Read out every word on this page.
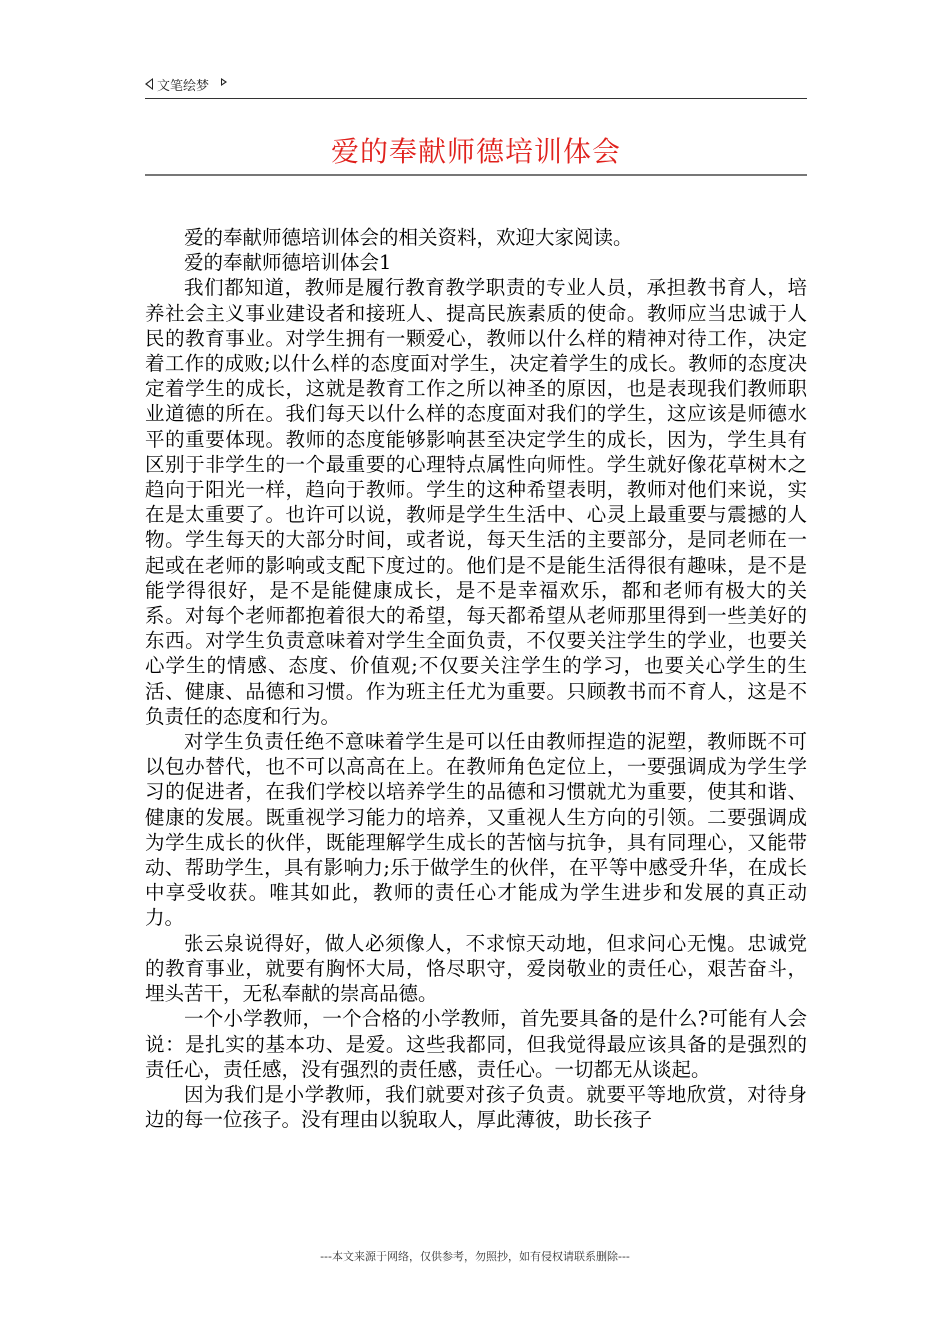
文笔绘梦
爱的奉献师德培训体会

爱的奉献师德培训体会的相关资料，欢迎大家阅读。

爱的奉献师德培训体会1

我们都知道，教师是履行教育教学职责的专业人员，承担教书育人，培养社会主义事业建设者和接班人、提高民族素质的使命。教师应当忠诚于人民的教育事业。对学生拥有一颗爱心，教师以什么样的精神对待工作，决定着工作的成败;以什么样的态度面对学生，决定着学生的成长。教师的态度决定着学生的成长，这就是教育工作之所以神圣的原因，也是表现我们教师职业道德的所在。我们每天以什么样的态度面对我们的学生，这应该是师德水平的重要体现。教师的态度能够影响甚至决定学生的成长，因为，学生具有区别于非学生的一个最重要的心理特点属性向师性。学生就好像花草树木之趋向于阳光一样，趋向于教师。学生的这种希望表明，教师对他们来说，实在是太重要了。也许可以说，教师是学生生活中、心灵上最重要与震撼的人物。学生每天的大部分时间，或者说，每天生活的主要部分，是同老师在一起或在老师的影响或支配下度过的。他们是不是能生活得很有趣味，是不是能学得很好，是不是能健康成长，是不是幸福欢乐，都和老师有极大的关系。对每个老师都抱着很大的希望，每天都希望从老师那里得到一些美好的东西。对学生负责意味着对学生全面负责，不仅要关注学生的学业，也要关心学生的情感、态度、价值观;不仅要关注学生的学习，也要关心学生的生活、健康、品德和习惯。作为班主任尤为重要。只顾教书而不育人，这是不负责任的态度和行为。

对学生负责任绝不意味着学生是可以任由教师捏造的泥塑，教师既不可以包办替代，也不可以高高在上。在教师角色定位上，一要强调成为学生学习的促进者，在我们学校以培养学生的品德和习惯就尤为重要，使其和谐、健康的发展。既重视学习能力的培养，又重视人生方向的引领。二要强调成为学生成长的伙伴，既能理解学生成长的苦恼与抗争，具有同理心，又能带动、帮助学生，具有影响力;乐于做学生的伙伴，在平等中感受升华，在成长中享受收获。唯其如此，教师的责任心才能成为学生进步和发展的真正动力。

张云泉说得好，做人必须像人，不求惊天动地，但求问心无愧。忠诚党的教育事业，就要有胸怀大局，恪尽职守，爱岗敬业的责任心，艰苦奋斗，埋头苦干，无私奉献的崇高品德。

一个小学教师，一个合格的小学教师，首先要具备的是什么?可能有人会说：是扎实的基本功、是爱。这些我都同，但我觉得最应该具备的是强烈的责任心，责任感，没有强烈的责任感，责任心。一切都无从谈起。

因为我们是小学教师，我们就要对孩子负责。就要平等地欣赏，对待身边的每一位孩子。没有理由以貌取人，厚此薄彼，助长孩子

---本文来源于网络，仅供参考，勿照抄，如有侵权请联系删除---
